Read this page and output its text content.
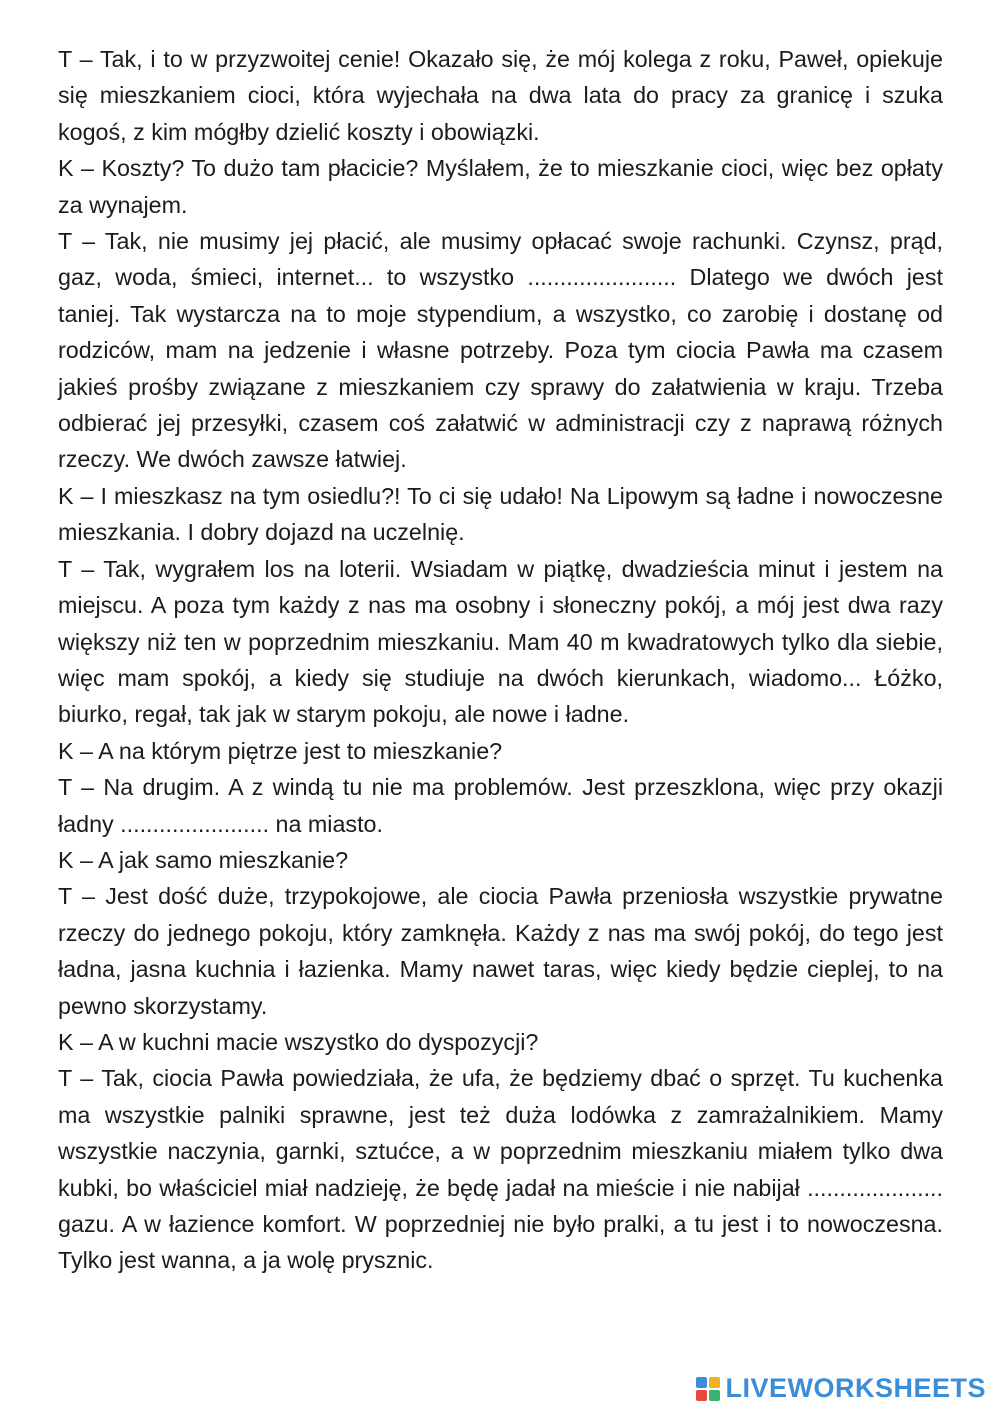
T – Tak, i to w przyzwoitej cenie! Okazało się, że mój kolega z roku, Paweł, opiekuje się mieszkaniem cioci, która wyjechała na dwa lata do pracy za granicę i szuka kogoś, z kim mógłby dzielić koszty i obowiązki.

K – Koszty? To dużo tam płacicie? Myślałem, że to mieszkanie cioci, więc bez opłaty za wynajem.

T – Tak, nie musimy jej płacić, ale musimy opłacać swoje rachunki. Czynsz, prąd, gaz, woda, śmieci, internet... to wszystko ....................... Dlatego we dwóch jest taniej. Tak wystarcza na to moje stypendium, a wszystko, co zarobię i dostanę od rodziców, mam na jedzenie i własne potrzeby. Poza tym ciocia Pawła ma czasem jakieś prośby związane z mieszkaniem czy sprawy do załatwienia w kraju. Trzeba odbierać jej przesyłki, czasem coś załatwić w administracji czy z naprawą różnych rzeczy. We dwóch zawsze łatwiej.

K – I mieszkasz na tym osiedlu?! To ci się udało! Na Lipowym są ładne i nowoczesne mieszkania. I dobry dojazd na uczelnię.

T – Tak, wygrałem los na loterii. Wsiadam w piątkę, dwadzieścia minut i jestem na miejscu. A poza tym każdy z nas ma osobny i słoneczny pokój, a mój jest dwa razy większy niż ten w poprzednim mieszkaniu. Mam 40 m kwadratowych tylko dla siebie, więc mam spokój, a kiedy się studiuje na dwóch kierunkach, wiadomo... Łóżko, biurko, regał, tak jak w starym pokoju, ale nowe i ładne.

K – A na którym piętrze jest to mieszkanie?

T – Na drugim. A z windą tu nie ma problemów. Jest przeszklona, więc przy okazji ładny ....................... na miasto.

K – A jak samo mieszkanie?

T – Jest dość duże, trzypokojowe, ale ciocia Pawła przeniosła wszystkie prywatne rzeczy do jednego pokoju, który zamknęła. Każdy z nas ma swój pokój, do tego jest ładna, jasna kuchnia i łazienka. Mamy nawet taras, więc kiedy będzie cieplej, to na pewno skorzystamy.

K – A w kuchni macie wszystko do dyspozycji?

T – Tak, ciocia Pawła powiedziała, że ufa, że będziemy dbać o sprzęt. Tu kuchenka ma wszystkie palniki sprawne, jest też duża lodówka z zamrażalnikiem. Mamy wszystkie naczynia, garnki, sztućce, a w poprzednim mieszkaniu miałem tylko dwa kubki, bo właściciel miał nadzieję, że będę jadał na mieście i nie nabijał ..................... gazu. A w łazience komfort. W poprzedniej nie było pralki, a tu jest i to nowoczesna. Tylko jest wanna, a ja wolę prysznic.

LIVEWORKSHEETS
